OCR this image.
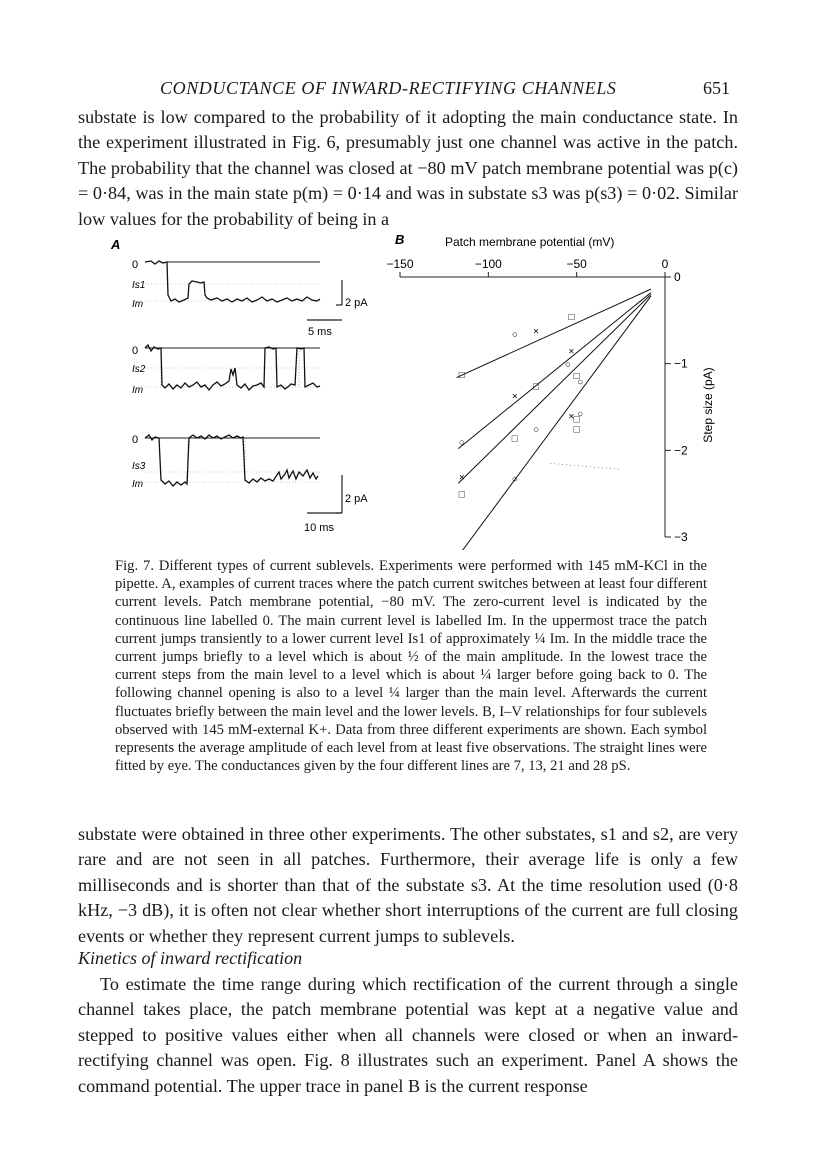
CONDUCTANCE OF INWARD-RECTIFYING CHANNELS	651

substate is low compared to the probability of it adopting the main conductance state. In the experiment illustrated in Fig. 6, presumably just one channel was active in the patch. The probability that the channel was closed at −80 mV patch membrane potential was p(c) = 0·84, was in the main state p(m) = 0·14 and was in substate s3 was p(s3) = 0·02. Similar low values for the probability of being in a

A
0
Is1
Im	2 pA
5 ms
0
Is2
Im
0
Is3
Im
2 pA
10 ms
B	Patch membrane potential (mV)
Step size (pA)
−150	−100	−50	0
0
−1
−2
−3
□
○ ×
□
○
×
□
○
×
□
○
×
□
○
× □
○
□
○
□

Fig. 7. Different types of current sublevels. Experiments were performed with 145 mM-KCl in the pipette. A, examples of current traces where the patch current switches between at least four different current levels. Patch membrane potential, −80 mV. The zero-current level is indicated by the continuous line labelled 0. The main current level is labelled Im. In the uppermost trace the patch current jumps transiently to a lower current level Is1 of approximately ¼ Im. In the middle trace the current jumps briefly to a level which is about ½ of the main amplitude. In the lowest trace the current steps from the main level to a level which is about ¼ larger before going back to 0. The following channel opening is also to a level ¼ larger than the main level. Afterwards the current fluctuates briefly between the main level and the lower levels. B, I–V relationships for four sublevels observed with 145 mM-external K+. Data from three different experiments are shown. Each symbol represents the average amplitude of each level from at least five observations. The straight lines were fitted by eye. The conductances given by the four different lines are 7, 13, 21 and 28 pS.

substate were obtained in three other experiments. The other substates, s1 and s2, are very rare and are not seen in all patches. Furthermore, their average life is only a few milliseconds and is shorter than that of the substate s3. At the time resolution used (0·8 kHz, −3 dB), it is often not clear whether short interruptions of the current are full closing events or whether they represent current jumps to sublevels.

Kinetics of inward rectification

To estimate the time range during which rectification of the current through a single channel takes place, the patch membrane potential was kept at a negative value and stepped to positive values either when all channels were closed or when an inward-rectifying channel was open. Fig. 8 illustrates such an experiment. Panel A shows the command potential. The upper trace in panel B is the current response
